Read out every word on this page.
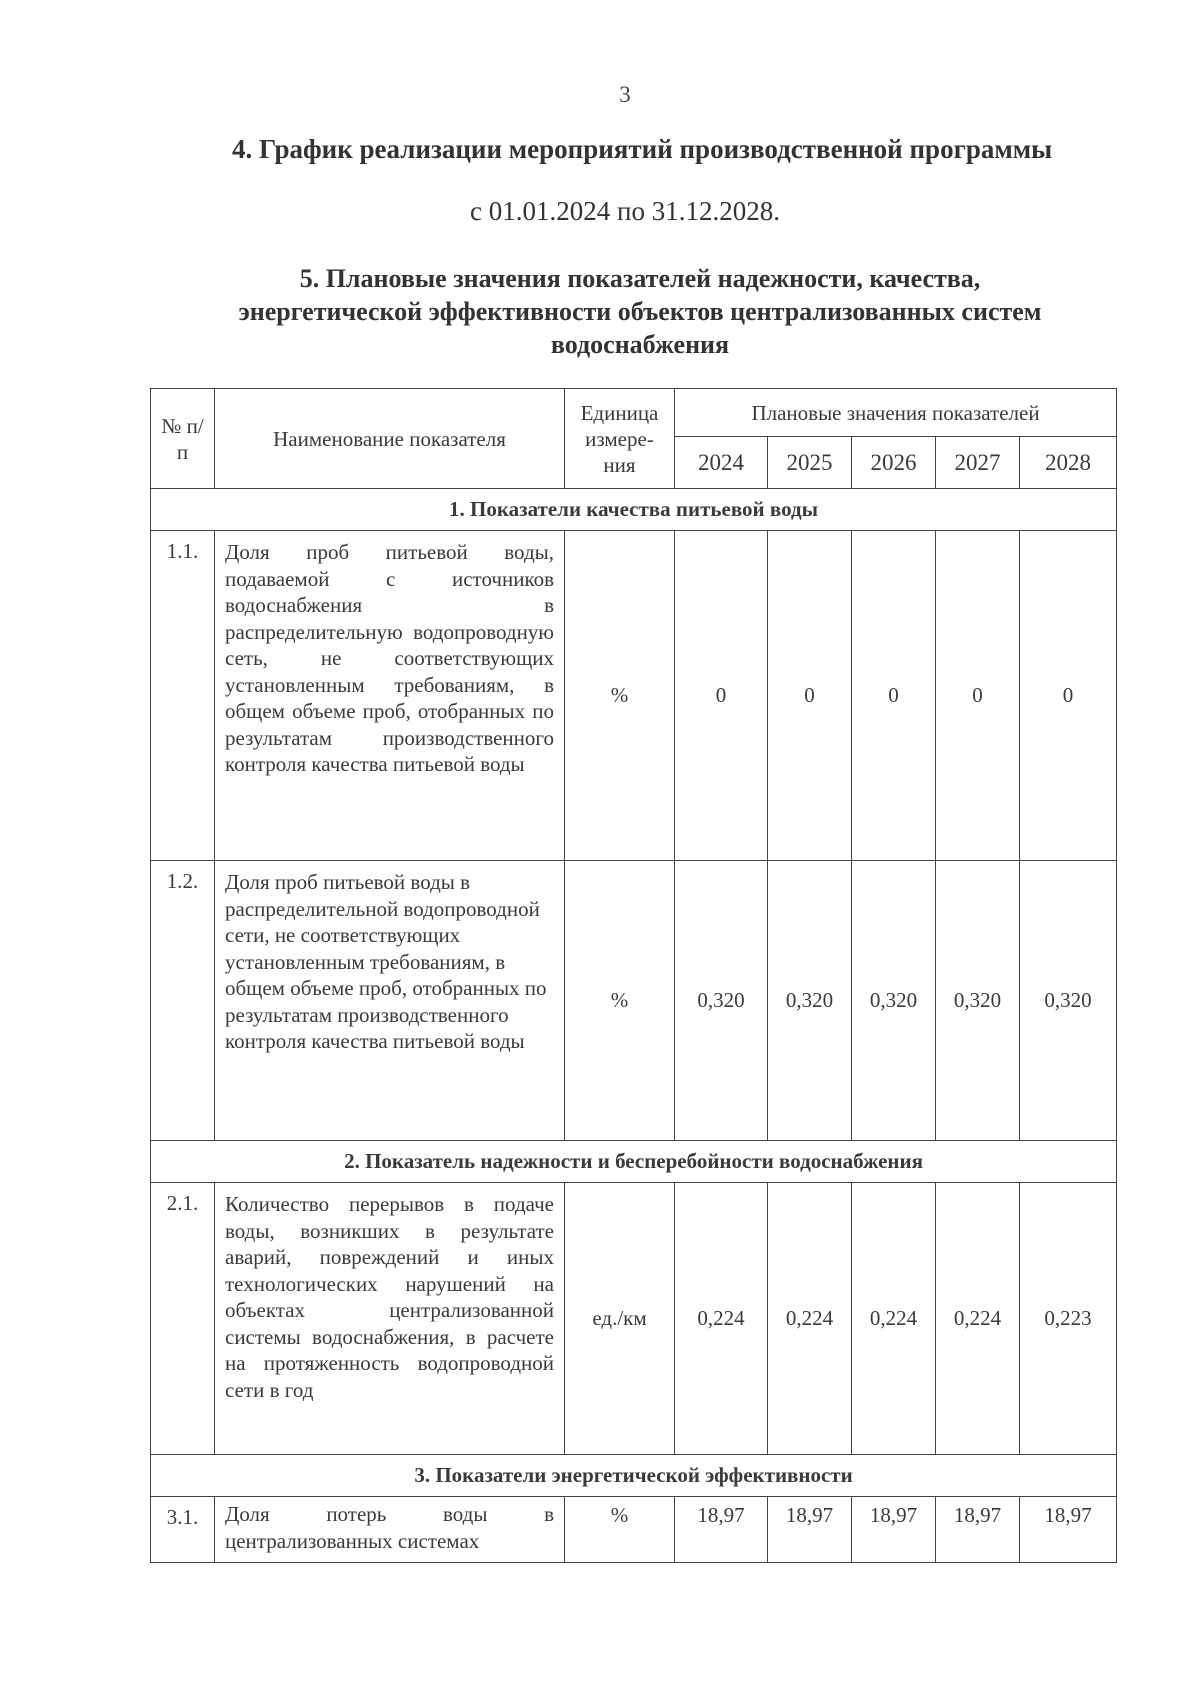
3
4. График реализации мероприятий производственной программы
с 01.01.2024 по 31.12.2028.
5. Плановые значения показателей надежности, качества, энергетической эффективности объектов централизованных систем водоснабжения
№ п/п	Наименование показателя	Единица измере-ния	Плановые значения показателей				
			2024	2025	2026	2027	2028
1. Показатели качества питьевой воды							
1.1.	Доля проб питьевой воды, подаваемой с источников водоснабжения в распределительную водопроводную сеть, не соответствующих установленным требованиям, в общем объеме проб, отобранных по результатам производственного контроля качества питьевой воды	%	0	0	0	0	0
1.2.	Доля проб питьевой воды в распределительной водопроводной сети, не соответствующих установленным требованиям, в общем объеме проб, отобранных по результатам производственного контроля качества питьевой воды	%	0,320	0,320	0,320	0,320	0,320
2. Показатель надежности и бесперебойности водоснабжения							
2.1.	Количество перерывов в подаче воды, возникших в результате аварий, повреждений и иных технологических нарушений на объектах централизованной системы водоснабжения, в расчете на протяженность водопроводной сети в год	ед./км	0,224	0,224	0,224	0,224	0,223
3. Показатели энергетической эффективности							
3.1.	Доля потерь воды в централизованных системах	%	18,97	18,97	18,97	18,97	18,97
